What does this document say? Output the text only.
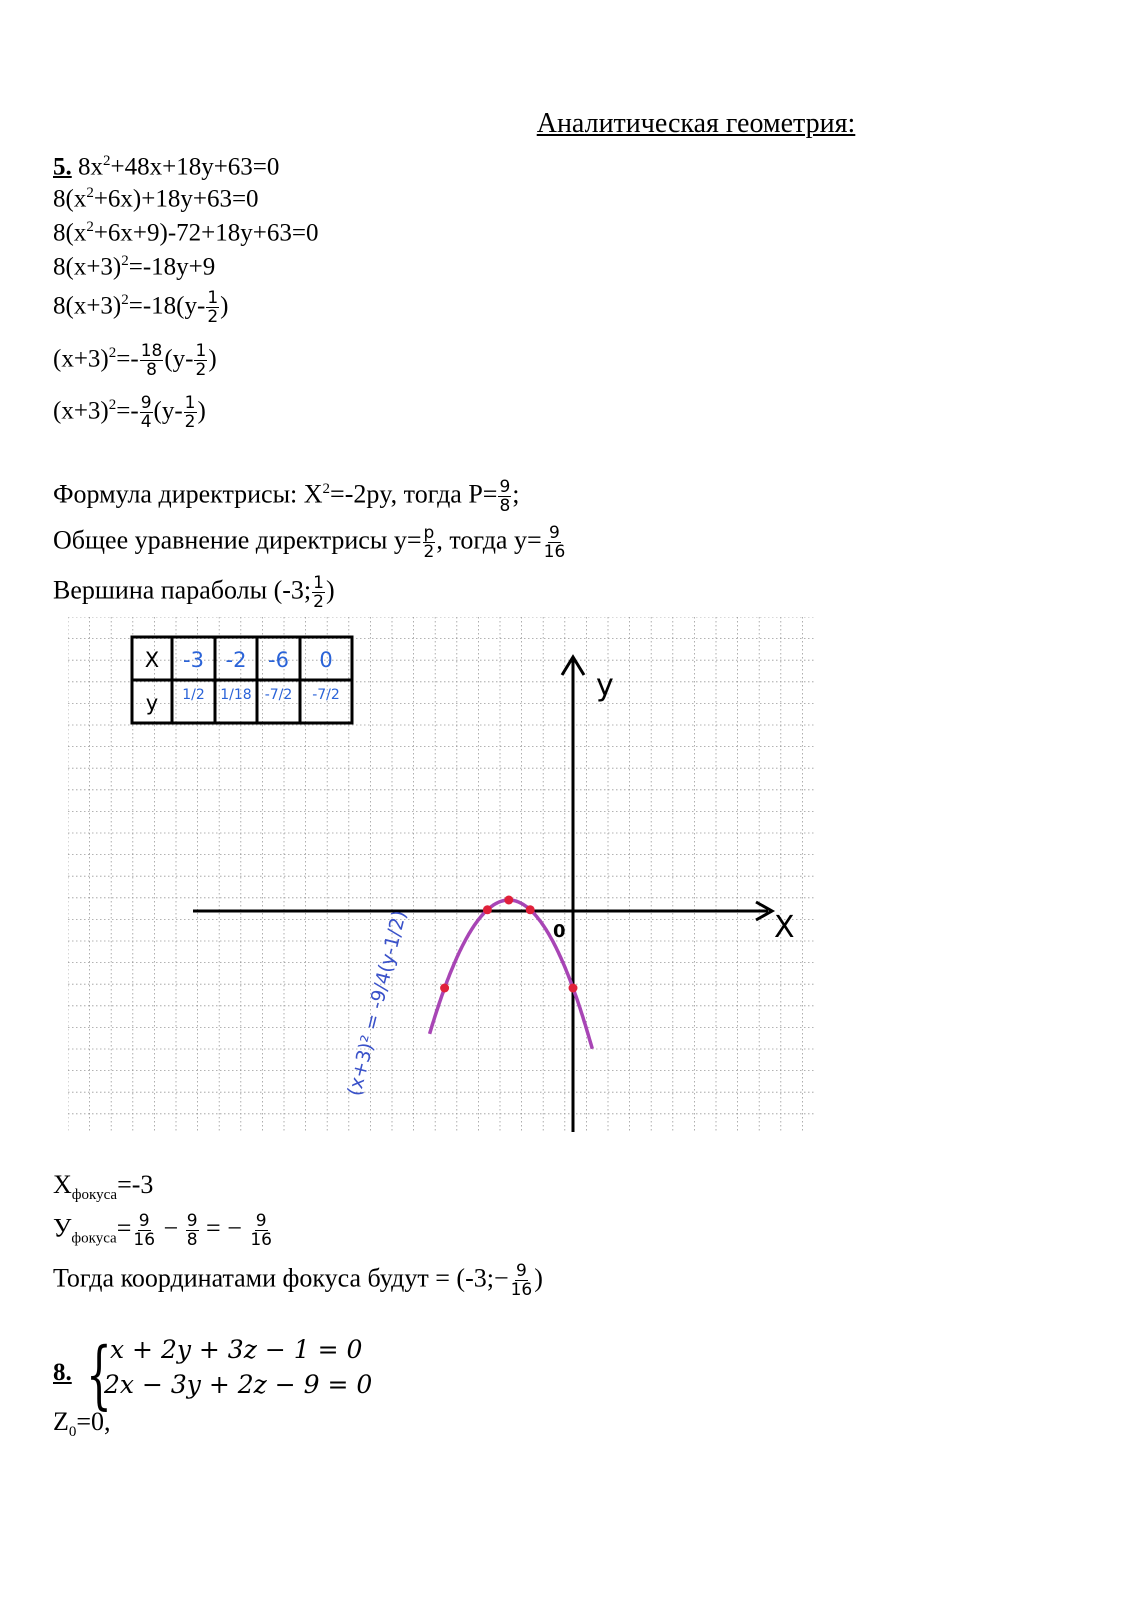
Аналитическая геометрия:
5. $8x^2+48x+18y+63=0$
$8(x^2+6x)+18y+63=0$
$8(x^2+6x+9)-72+18y+63=0$
$8(x+3)^2=-18y+9$
$8(x+3)^2=-18(y- \frac{1}{2}$ )
$(x+3)^2=- \frac{18}{8} (y- \frac{1}{2}$ )
$(x+3)^2=- \frac{9}{4} (y- \frac{1}{2}$ )
Формула директрисы: $X^2=-2py$, тогда $P= \frac{9}{8}$ ;
Общее уравнение директрисы $y= \frac{p}{2}$ , тогда $y= \frac{9}{16}$
Вершина параболы (-3; $\frac{1}{2}$ )
X
y
-3 -2 -6 0
1/2 1/18 -7/2 -7/2
X
y
0
(x+3)² = -9/4(y-1/2)
$X_{фокуса}=-3$
$У_{фокуса}= \frac{9}{16} - \frac{9}{8}$ = − $\frac{9}{16}$
Тогда координатами фокуса будут = (-3;− $\frac{9}{16}$ )
8. {
x + 2y + 3z − 1 = 0
2x − 3y + 2z − 9 = 0
$Z_0=0$,
